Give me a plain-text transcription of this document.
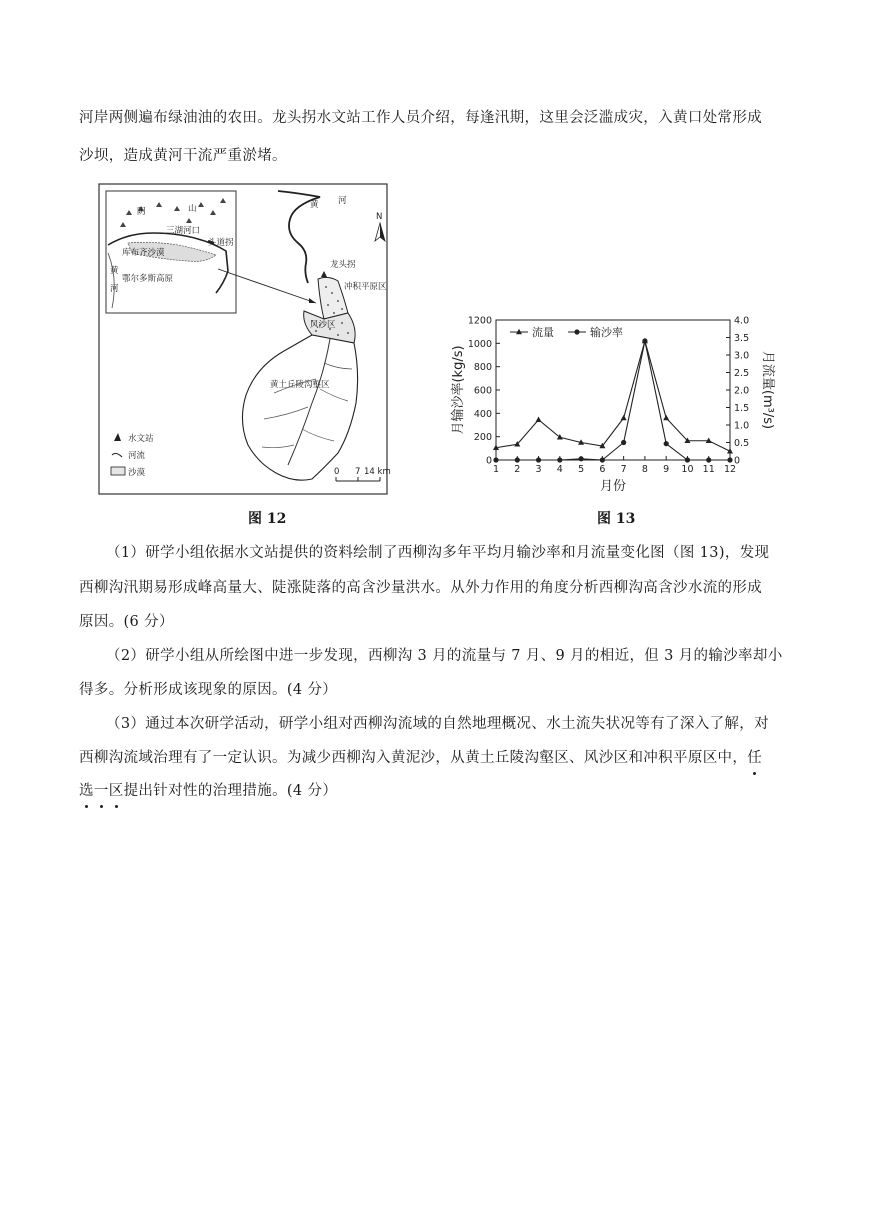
河岸两侧遍布绿油油的农田。龙头拐水文站工作人员介绍，每逢汛期，这里会泛滥成灾，入黄口处常形成
沙坝，造成黄河干流严重淤堵。
阴	山
三湖河口
头道拐
库布齐沙漠
黄
鄂尔多斯高原
河
黄 河
N
龙头拐
冲积平原区
风沙区
黄土丘陵沟壑区
水文站
河流
沙漠	0 7 14 km
图 12
0
200
400
600
800
1000
1200
0
0.5
1.0
1.5
2.0
2.5
3.0
3.5
4.0
1 2 3 4 5 6 7 8 9 10 11 12
流量	输沙率
月输沙率(kg/s)	月流量(m³/s)
月份
图 13
（1）研学小组依据水文站提供的资料绘制了西柳沟多年平均月输沙率和月流量变化图（图 13)，发现
西柳沟汛期易形成峰高量大、陡涨陡落的高含沙量洪水。从外力作用的角度分析西柳沟高含沙水流的形成
原因。(6 分）
（2）研学小组从所绘图中进一步发现，西柳沟 3 月的流量与 7 月、9 月的相近，但 3 月的输沙率却小
得多。分析形成该现象的原因。(4 分）
（3）通过本次研学活动，研学小组对西柳沟流域的自然地理概况、水土流失状况等有了深入了解，对
西柳沟流域治理有了一定认识。为减少西柳沟入黄泥沙，从黄土丘陵沟壑区、风沙区和冲积平原区中，任
选一区提出针对性的治理措施。(4 分）
